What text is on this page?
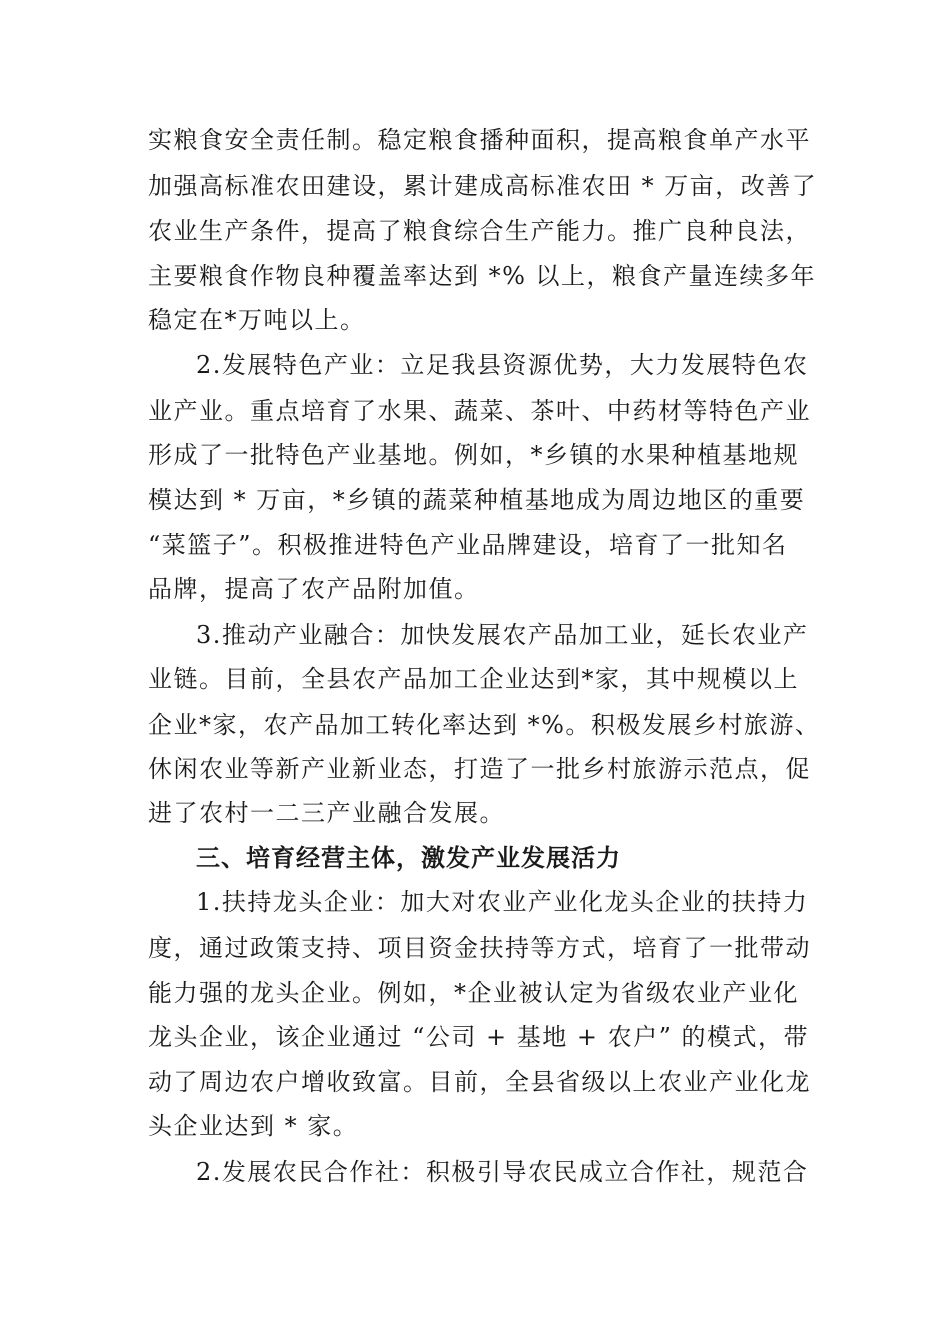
实粮食安全责任制。稳定粮食播种面积，提高粮食单产水平
加强高标准农田建设，累计建成高标准农田 * 万亩，改善了
农业生产条件，提高了粮食综合生产能力。推广良种良法，
主要粮食作物良种覆盖率达到 *% 以上，粮食产量连续多年
稳定在*万吨以上。
2.发展特色产业：立足我县资源优势，大力发展特色农
业产业。重点培育了水果、蔬菜、茶叶、中药材等特色产业
形成了一批特色产业基地。例如，*乡镇的水果种植基地规
模达到 * 万亩，*乡镇的蔬菜种植基地成为周边地区的重要
“菜篮子”。积极推进特色产业品牌建设，培育了一批知名
品牌，提高了农产品附加值。
3.推动产业融合：加快发展农产品加工业，延长农业产
业链。目前，全县农产品加工企业达到*家，其中规模以上
企业*家，农产品加工转化率达到 *%。积极发展乡村旅游、
休闲农业等新产业新业态，打造了一批乡村旅游示范点，促
进了农村一二三产业融合发展。
三、培育经营主体，激发产业发展活力
1.扶持龙头企业：加大对农业产业化龙头企业的扶持力
度，通过政策支持、项目资金扶持等方式，培育了一批带动
能力强的龙头企业。例如，*企业被认定为省级农业产业化
龙头企业，该企业通过 “公司 + 基地 + 农户” 的模式，带
动了周边农户增收致富。目前，全县省级以上农业产业化龙
头企业达到 * 家。
2.发展农民合作社：积极引导农民成立合作社，规范合
